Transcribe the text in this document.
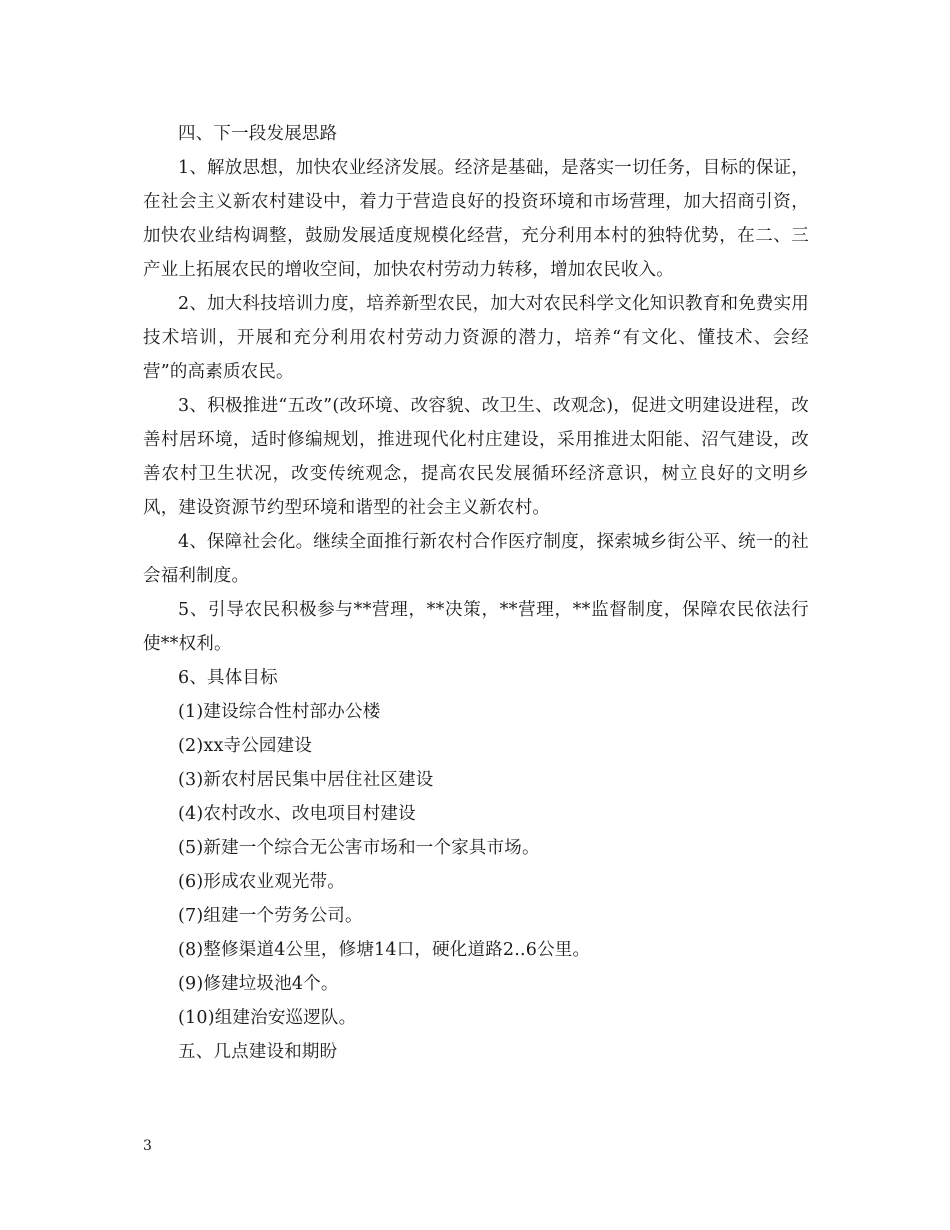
四、下一段发展思路

1、解放思想，加快农业经济发展。经济是基础，是落实一切任务，目标的保证，在社会主义新农村建设中，着力于营造良好的投资环境和市场营理，加大招商引资，加快农业结构调整，鼓励发展适度规模化经营，充分利用本村的独特优势，在二、三产业上拓展农民的增收空间，加快农村劳动力转移，增加农民收入。

2、加大科技培训力度，培养新型农民，加大对农民科学文化知识教育和免费实用技术培训，开展和充分利用农村劳动力资源的潜力，培养“有文化、懂技术、会经营”的高素质农民。

3、积极推进“五改”(改环境、改容貌、改卫生、改观念)，促进文明建设进程，改善村居环境，适时修编规划，推进现代化村庄建设，采用推进太阳能、沼气建设，改善农村卫生状况，改变传统观念，提高农民发展循环经济意识，树立良好的文明乡风，建设资源节约型环境和谐型的社会主义新农村。

4、保障社会化。继续全面推行新农村合作医疗制度，探索城乡街公平、统一的社会福利制度。

5、引导农民积极参与**营理，**决策，**营理，**监督制度，保障农民依法行使**权利。

6、具体目标

(1)建设综合性村部办公楼

(2)xx寺公园建设

(3)新农村居民集中居住社区建设

(4)农村改水、改电项目村建设

(5)新建一个综合无公害市场和一个家具市场。

(6)形成农业观光带。

(7)组建一个劳务公司。

(8)整修渠道4公里，修塘14口，硬化道路2..6公里。

(9)修建垃圾池4个。

(10)组建治安巡逻队。

五、几点建设和期盼

3
